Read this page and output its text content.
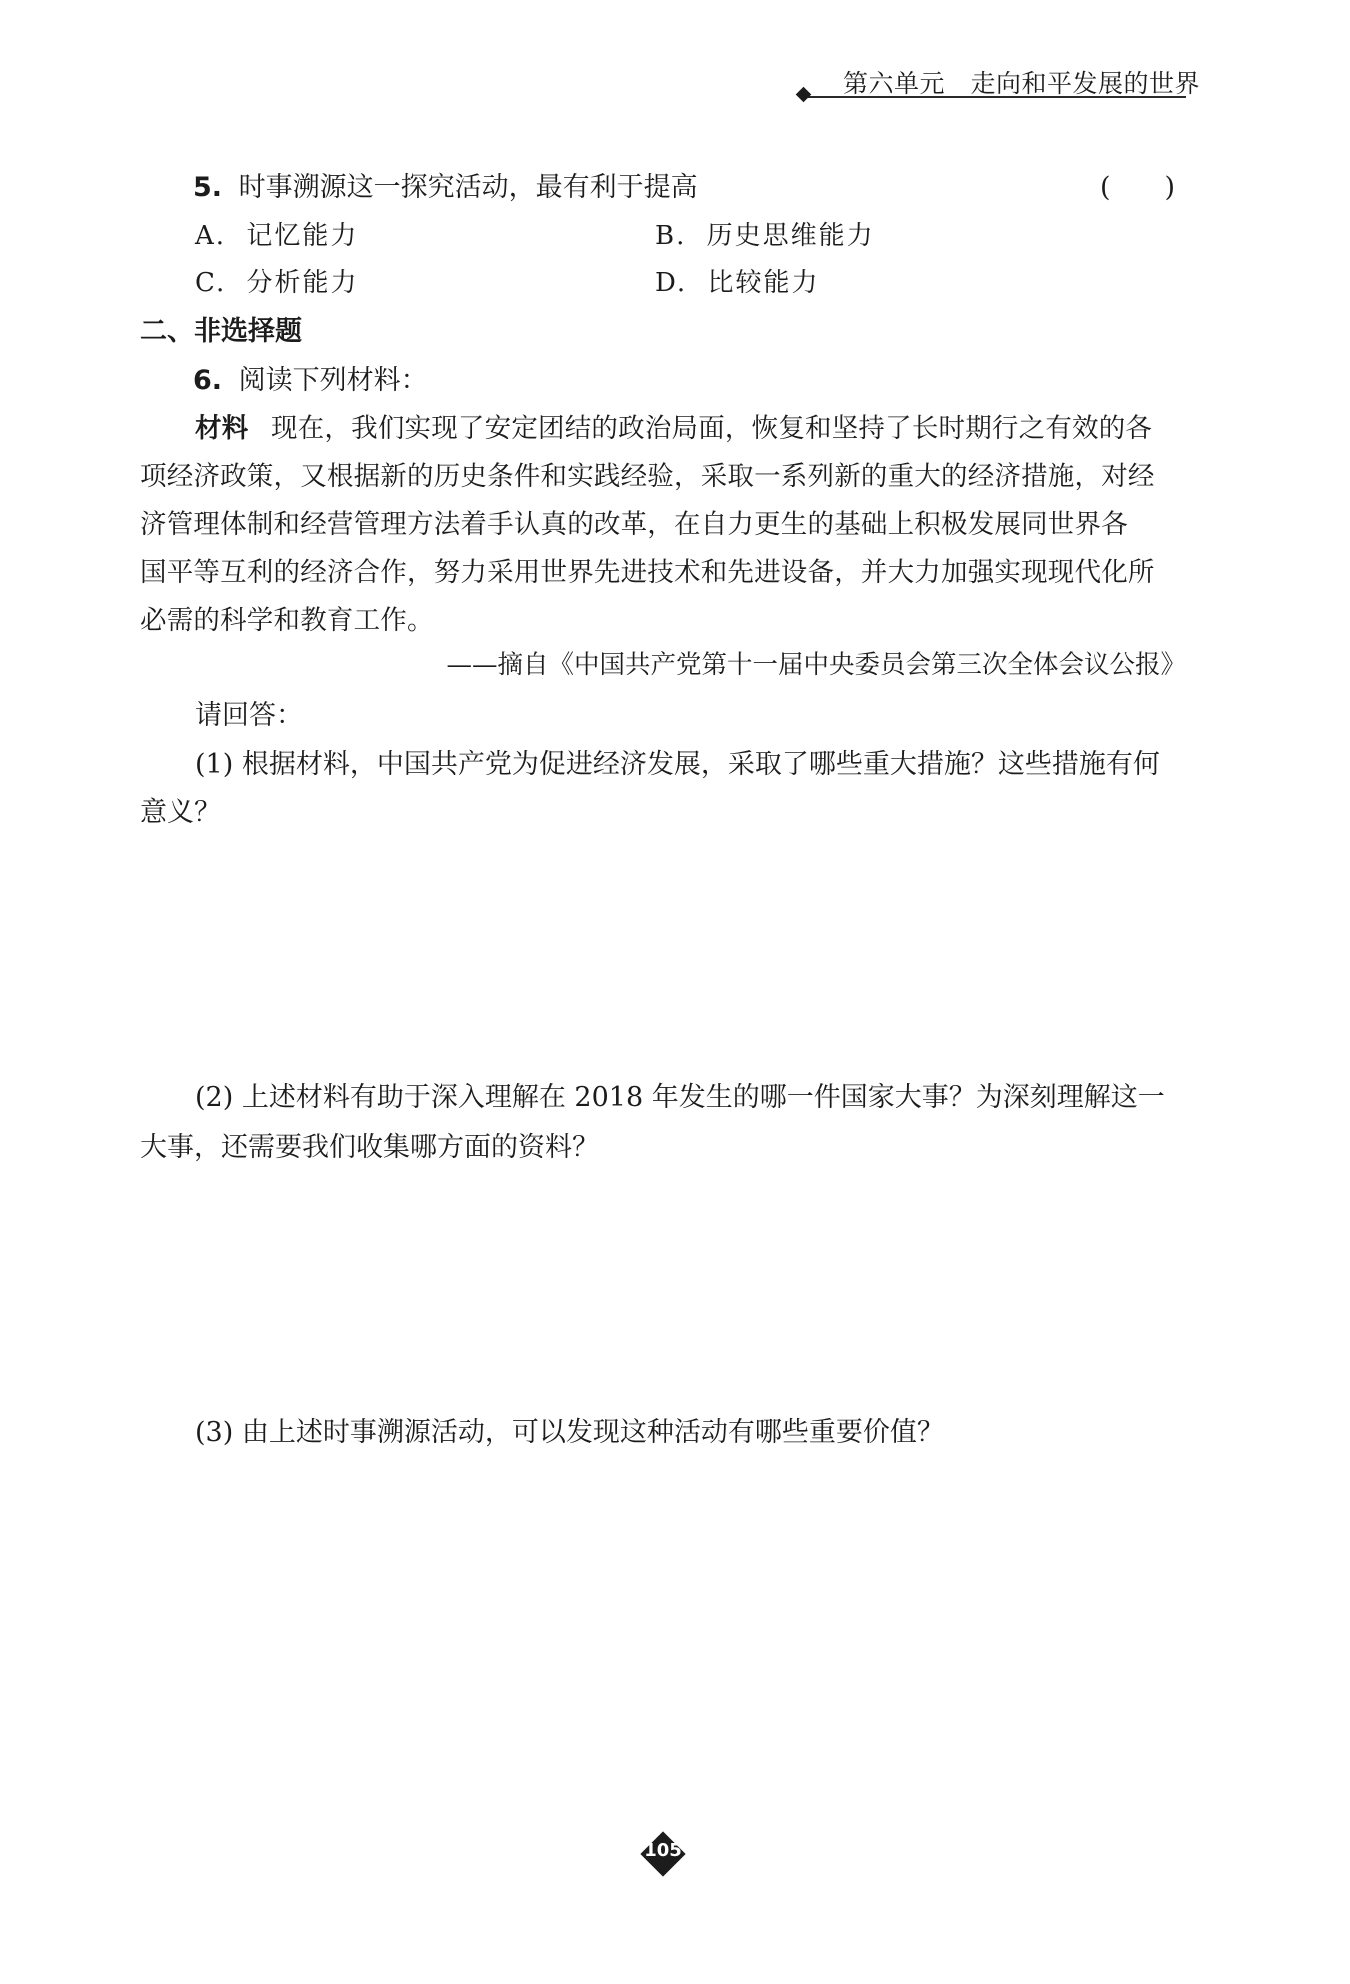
第六单元　走向和平发展的世界
5. 时事溯源这一探究活动，最有利于提高	(　　)
A. 记忆能力	B. 历史思维能力
C. 分析能力	D. 比较能力
二、非选择题
6. 阅读下列材料：
材料 现在，我们实现了安定团结的政治局面，恢复和坚持了长时期行之有效的各
项经济政策，又根据新的历史条件和实践经验，采取一系列新的重大的经济措施，对经
济管理体制和经营管理方法着手认真的改革，在自力更生的基础上积极发展同世界各
国平等互利的经济合作，努力采用世界先进技术和先进设备，并大力加强实现现代化所
必需的科学和教育工作。
——摘自《中国共产党第十一届中央委员会第三次全体会议公报》
请回答：
(1) 根据材料，中国共产党为促进经济发展，采取了哪些重大措施？这些措施有何
意义？
(2) 上述材料有助于深入理解在 2018 年发生的哪一件国家大事？为深刻理解这一
大事，还需要我们收集哪方面的资料？
(3) 由上述时事溯源活动，可以发现这种活动有哪些重要价值？
105
